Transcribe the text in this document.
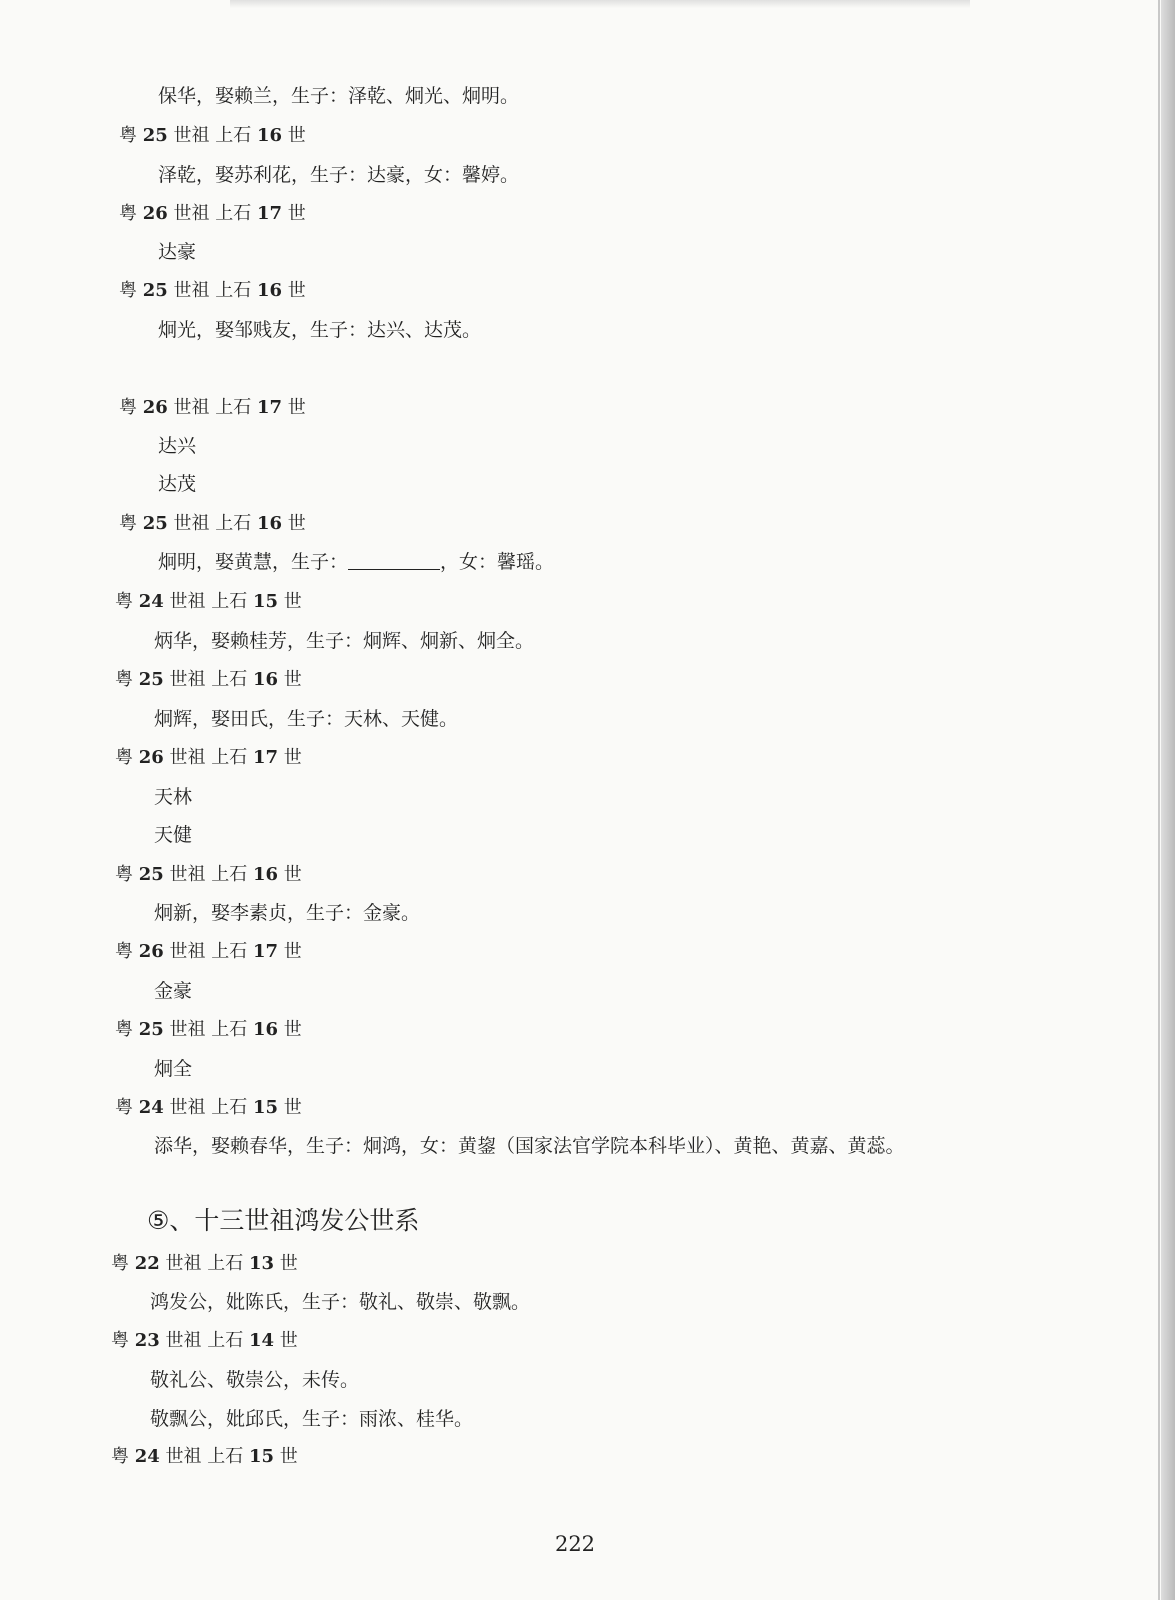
保华，娶赖兰，生子：泽乾、炯光、炯明。
粤 25 世祖 上石 16 世
泽乾，娶苏利花，生子：达豪，女：馨婷。
粤 26 世祖 上石 17 世
达豪
粤 25 世祖 上石 16 世
炯光，娶邹贱友，生子：达兴、达茂。
粤 26 世祖 上石 17 世
达兴
达茂
粤 25 世祖 上石 16 世
炯明，娶黄慧，生子：	，女：馨瑶。
粤 24 世祖 上石 15 世
炳华，娶赖桂芳，生子：炯辉、炯新、炯全。
粤 25 世祖 上石 16 世
炯辉，娶田氏，生子：天林、天健。
粤 26 世祖 上石 17 世
天林
天健
粤 25 世祖 上石 16 世
炯新，娶李素贞，生子：金豪。
粤 26 世祖 上石 17 世
金豪
粤 25 世祖 上石 16 世
炯全
粤 24 世祖 上石 15 世
添华，娶赖春华，生子：炯鸿，女：黄鋆（国家法官学院本科毕业）、黄艳、黄嘉、黄蕊。
⑤、十三世祖鸿发公世系
粤 22 世祖 上石 13 世
鸿发公，妣陈氏，生子：敬礼、敬崇、敬飘。
粤 23 世祖 上石 14 世
敬礼公、敬崇公，未传。
敬飘公，妣邱氏，生子：雨浓、桂华。
粤 24 世祖 上石 15 世
222
